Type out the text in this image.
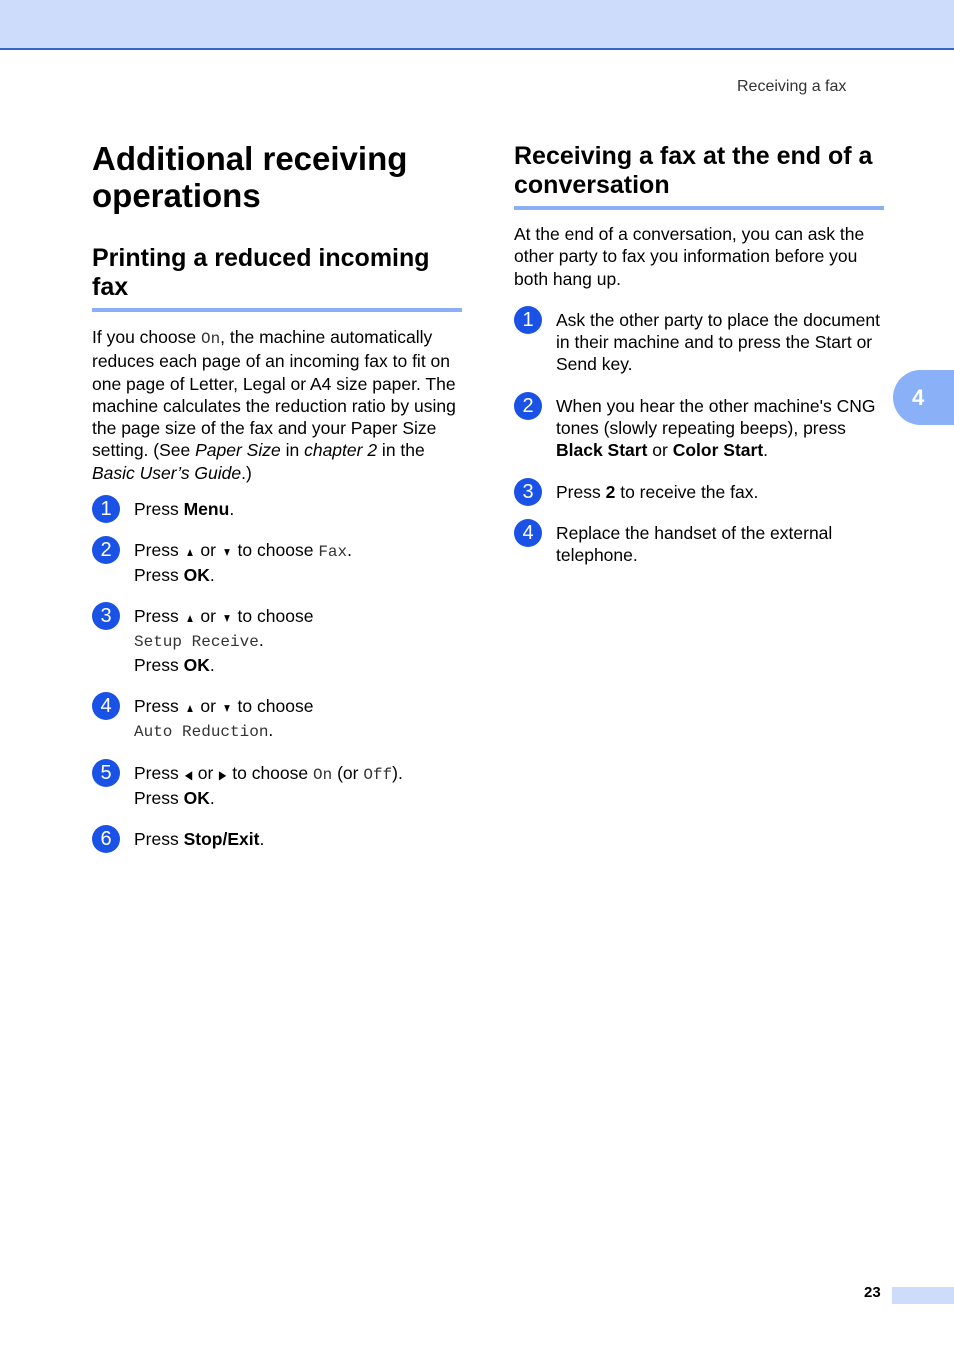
Receiving a fax
4
Additional receiving operations
Printing a reduced incoming fax

If you choose On, the machine automatically reduces each page of an incoming fax to fit on one page of Letter, Legal or A4 size paper. The machine calculates the reduction ratio by using the page size of the fax and your Paper Size setting. (See Paper Size in chapter 2 in the Basic User’s Guide.)

1	Press Menu.
2	Press ▲ or ▼ to choose Fax.
Press OK.
3	Press ▲ or ▼ to choose
Setup Receive.
Press OK.
4	Press ▲ or ▼ to choose
Auto Reduction.
5	Press ◀ or ▶ to choose On (or Off).
Press OK.
6	Press Stop/Exit.
Receiving a fax at the end of a conversation

At the end of a conversation, you can ask the other party to fax you information before you both hang up.

1	Ask the other party to place the document in their machine and to press the Start or Send key.
2	When you hear the other machine's CNG tones (slowly repeating beeps), press Black Start or Color Start.
3	Press 2 to receive the fax.
4	Replace the handset of the external telephone.
23
